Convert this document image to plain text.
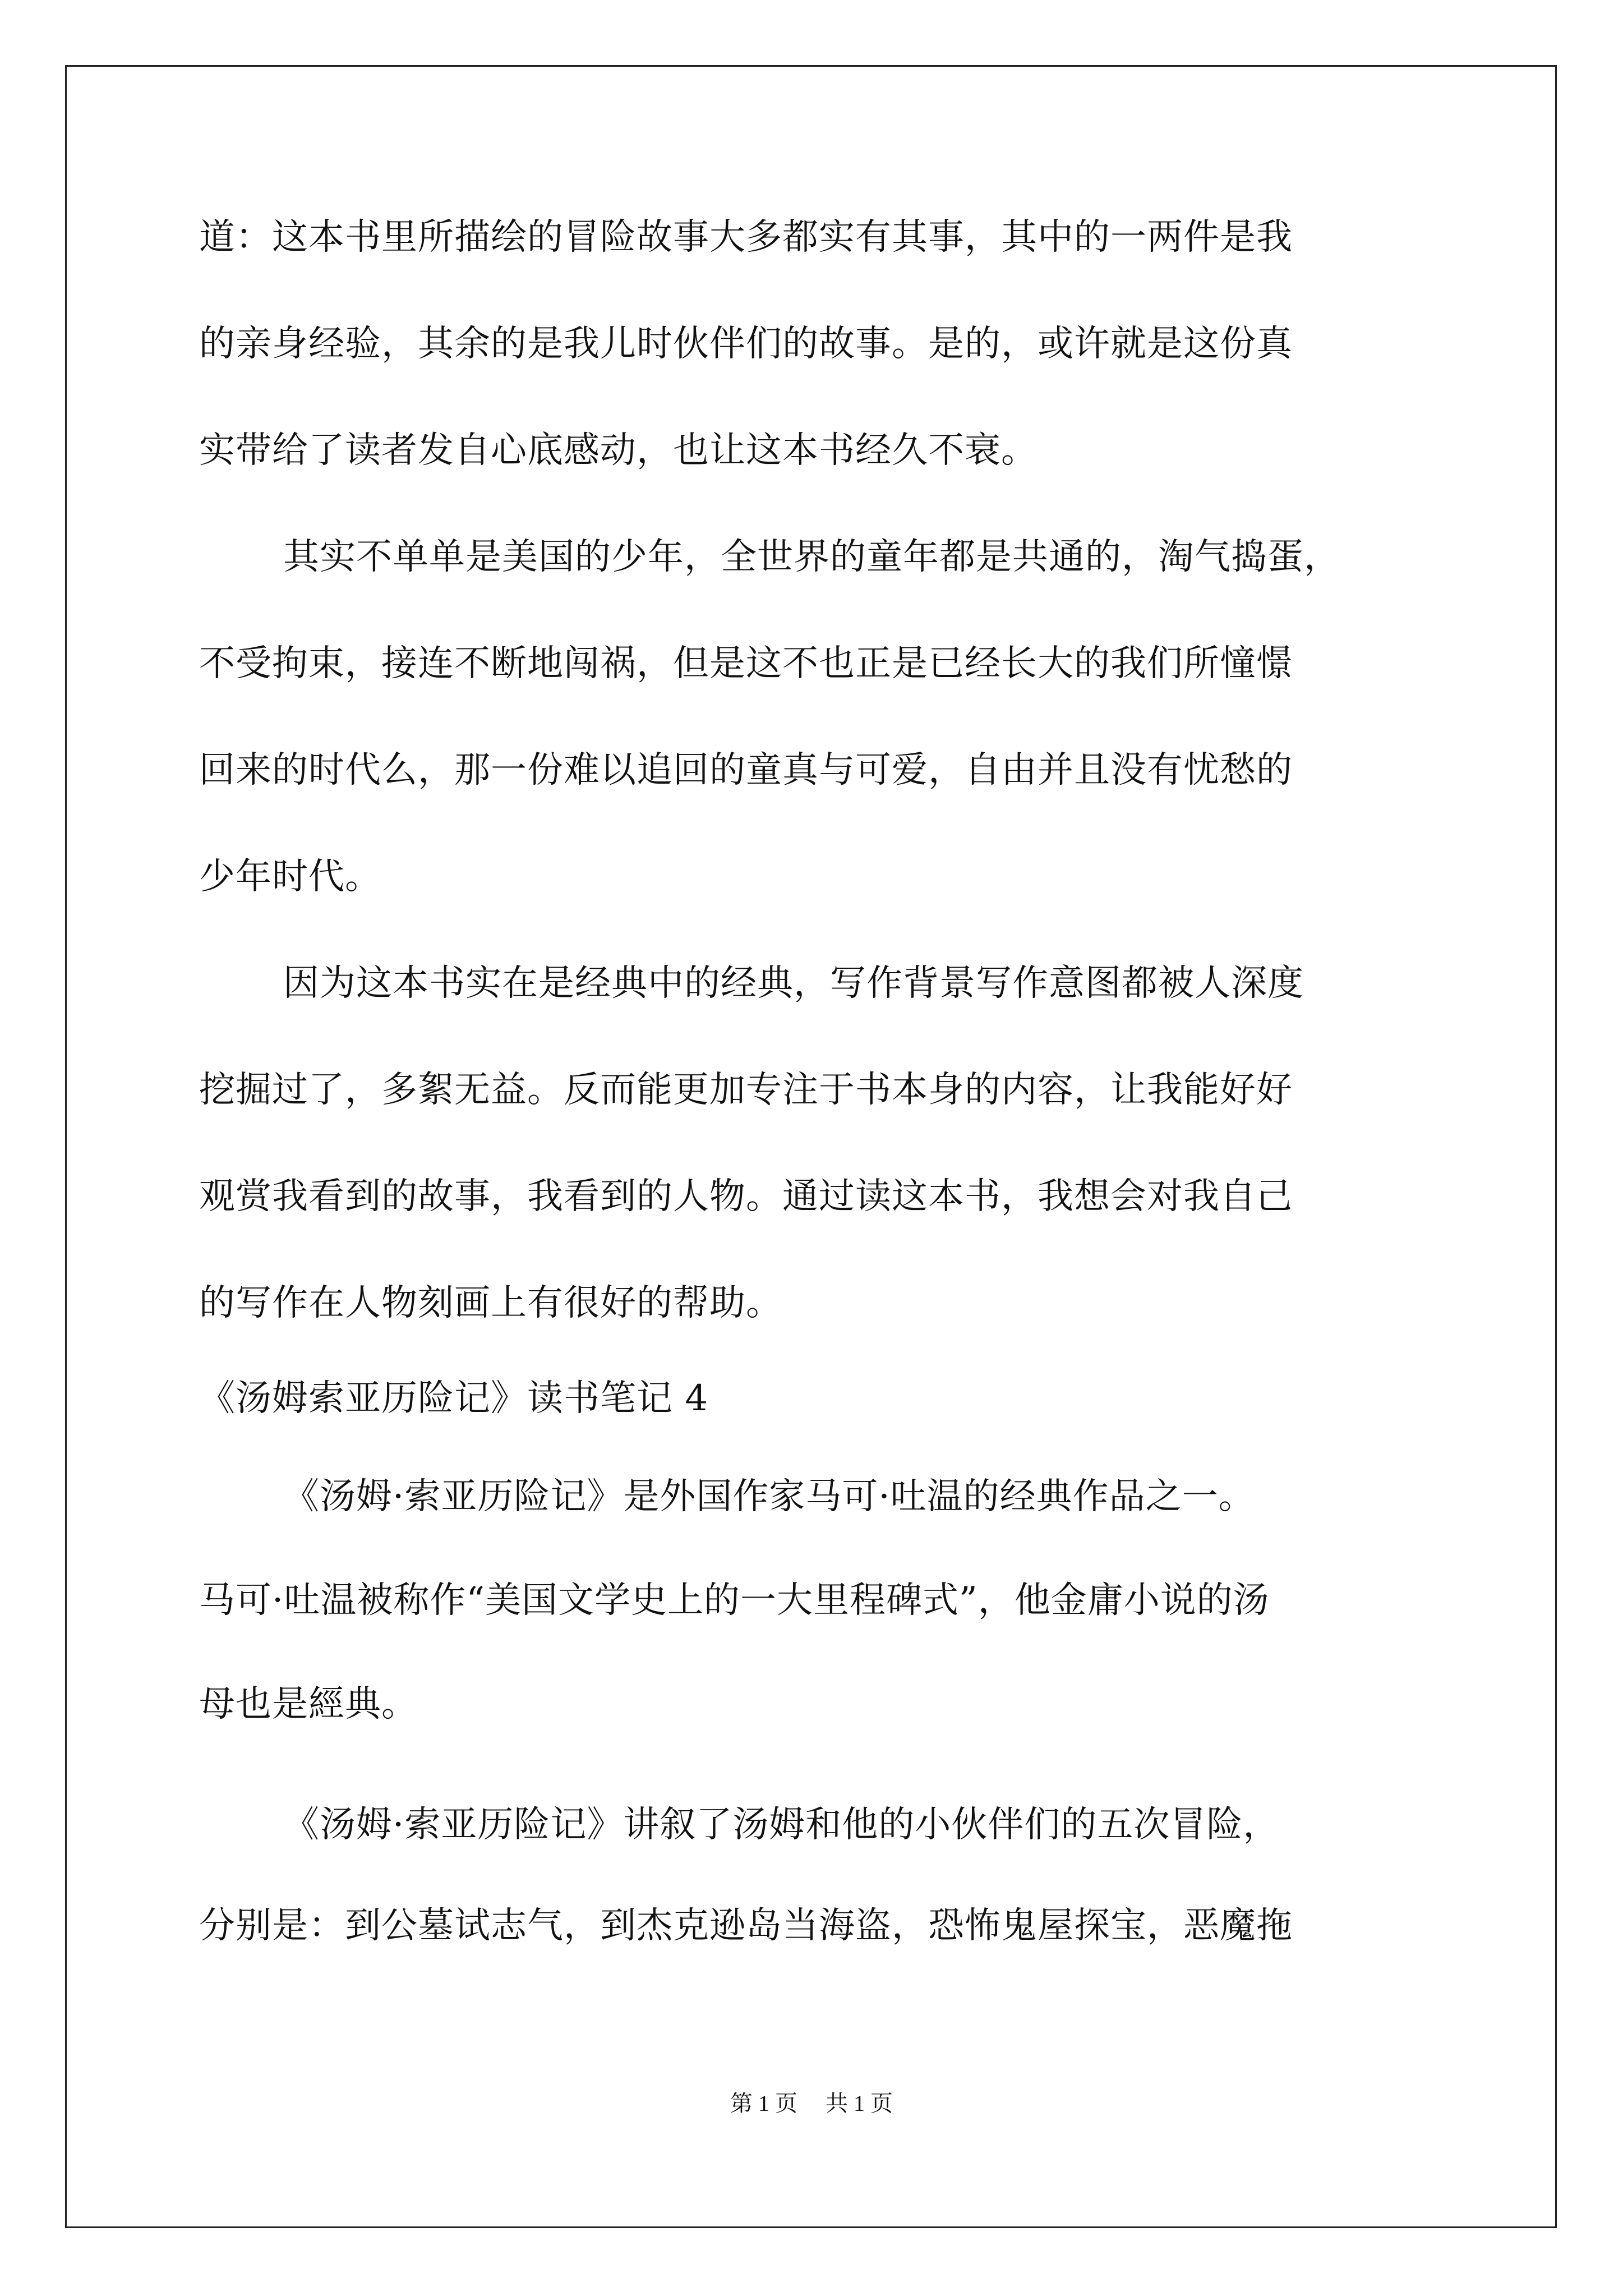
道：这本书里所描绘的冒险故事大多都实有其事，其中的一两件是我
的亲身经验，其余的是我儿时伙伴们的故事。是的，或许就是这份真
实带给了读者发自心底感动，也让这本书经久不衰。
其实不单单是美国的少年，全世界的童年都是共通的，淘气捣蛋，
不受拘束，接连不断地闯祸，但是这不也正是已经长大的我们所憧憬
回来的时代么，那一份难以追回的童真与可爱，自由并且没有忧愁的
少年时代。
因为这本书实在是经典中的经典，写作背景写作意图都被人深度
挖掘过了，多絮无益。反而能更加专注于书本身的内容，让我能好好
观赏我看到的故事，我看到的人物。通过读这本书，我想会对我自己
的写作在人物刻画上有很好的帮助。
《汤姆索亚历险记》读书笔记 4
《汤姆·索亚历险记》是外国作家马可·吐温的经典作品之一。
马可·吐温被称作“美国文学史上的一大里程碑式”，他金庸小说的汤
母也是經典。
《汤姆·索亚历险记》讲叙了汤姆和他的小伙伴们的五次冒险，
分别是：到公墓试志气，到杰克逊岛当海盗，恐怖鬼屋探宝，恶魔拖
第 1 页 共 1 页
